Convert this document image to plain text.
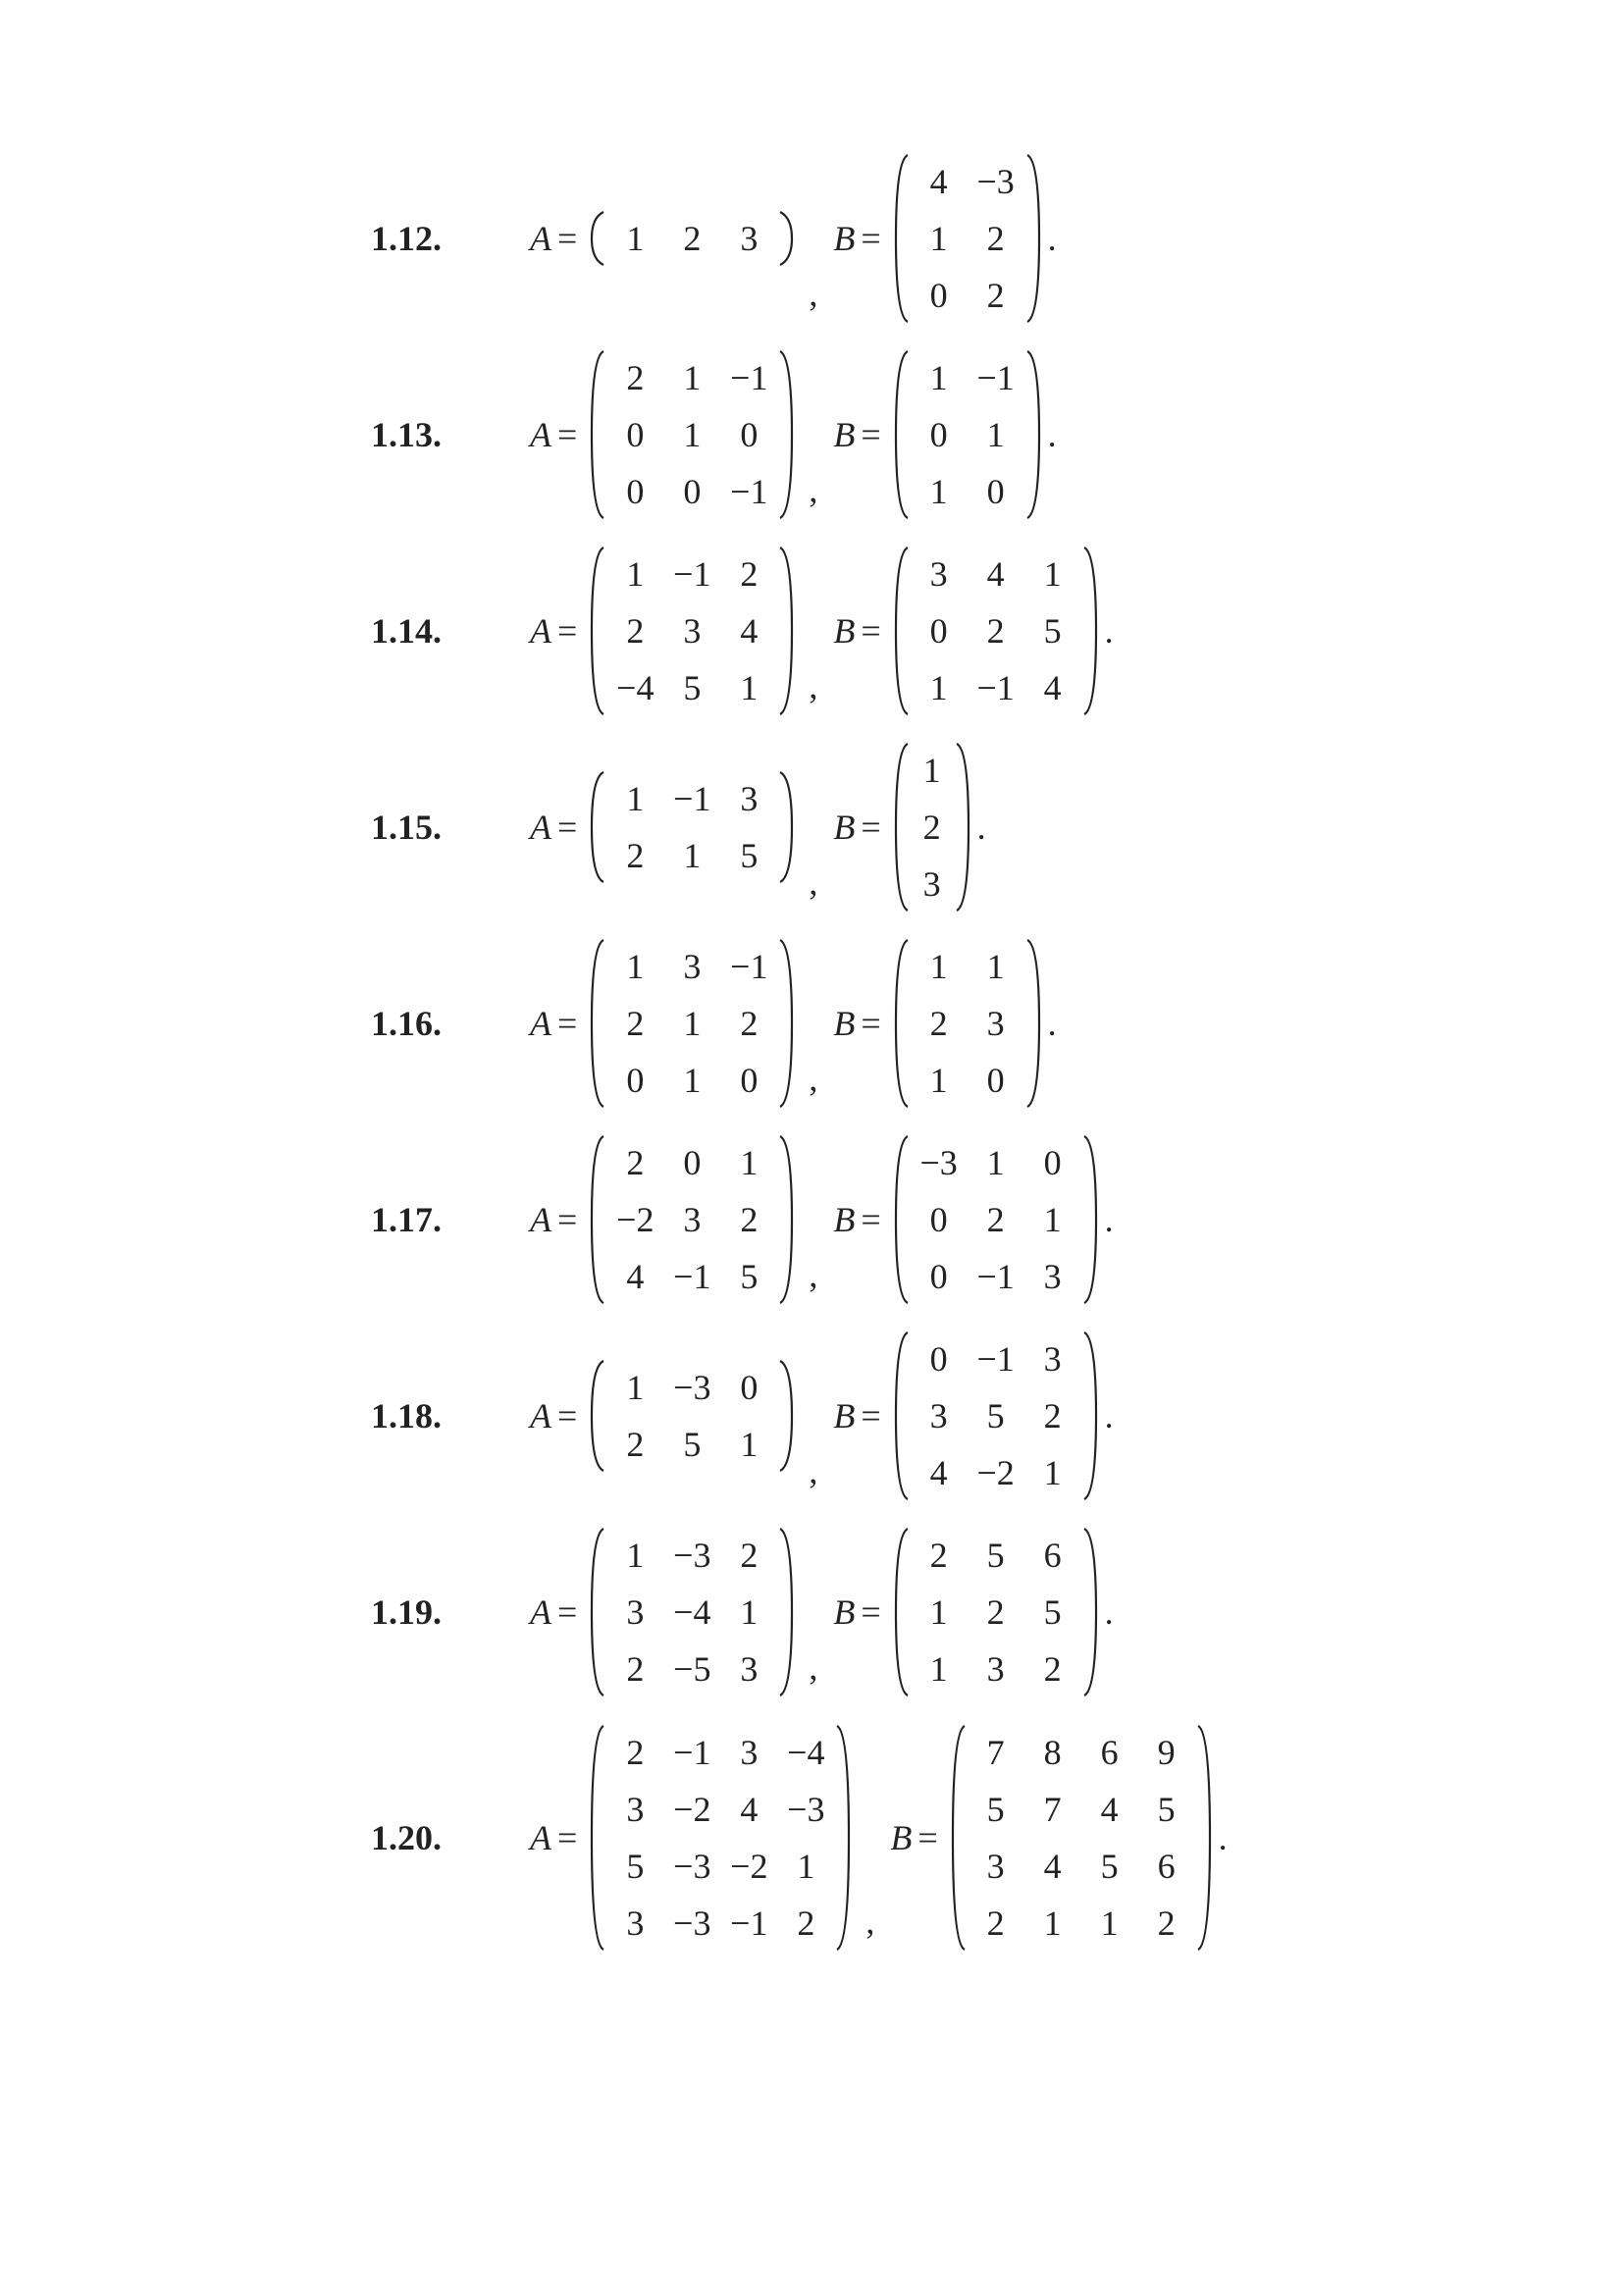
1.12.	A =	1	2	3
,
B =
4 −3
1	2
0	2
.
1.13.	A =
2	1 −1
0	1	0
0	0 −1 ,
B =
1 −1
0	1
1	0
.
1.14.	A =
1 −1 2
2	3	4
−4 5	1	,
B =
3	4	1
0	2	5
1 −1 4
.
1.15.	A =
1 −1 3
2	1	5
,
B =
1
2
3
.
1.16.	A =
1	3 −1
2	1	2
0	1	0	,
B =
1	1
2	3
1	0
.
1.17.	A =
2	0	1
−2 3	2
4 −1 5	,
B =
−3 1	0
0	2	1
0 −1 3
.
1.18.	A =
1 −3 0
2	5	1
,
B =
0 −1 3
3	5	2
4 −2 1
.
1.19.	A =
1 −3 2
3 −4 1
2 −5 3	,
B =
2	5	6
1	2	5
1	3	2
.
1.20.	A =
2 −1 3 −4
3 −2 4 −3
5 −3 −2 1
3 −3 −1 2	,
B =
7	8	6	9
5	7	4	5
3	4	5	6
2	1	1	2
.
